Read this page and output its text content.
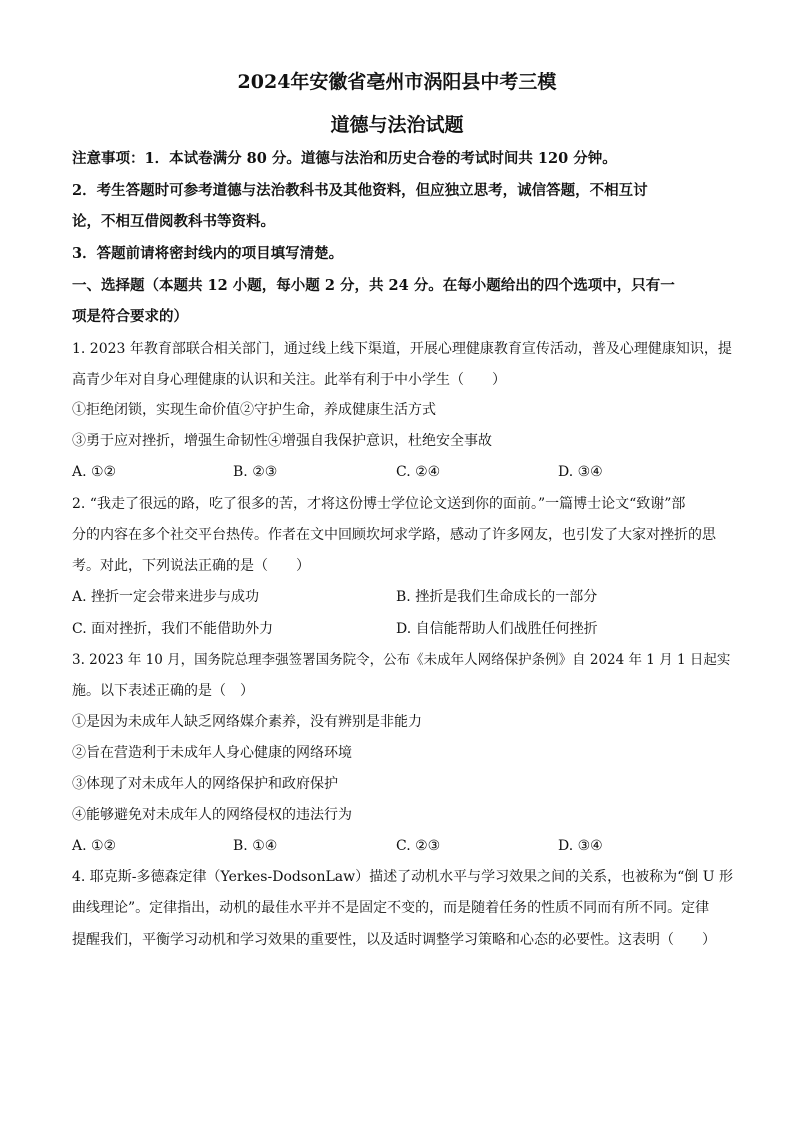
2024年安徽省亳州市涡阳县中考三模
道德与法治试题
注意事项：1．本试卷满分 80 分。道德与法治和历史合卷的考试时间共 120 分钟。
2．考生答题时可参考道德与法治教科书及其他资料，但应独立思考，诚信答题，不相互讨
论，不相互借阅教科书等资料。
3．答题前请将密封线内的项目填写清楚。
一、选择题（本题共 12 小题，每小题 2 分，共 24 分。在每小题给出的四个选项中，只有一
项是符合要求的）
1. 2023 年教育部联合相关部门，通过线上线下渠道，开展心理健康教育宣传活动，普及心理健康知识，提
高青少年对自身心理健康的认识和关注。此举有利于中小学生（　　）
①拒绝闭锁，实现生命价值②守护生命，养成健康生活方式
③勇于应对挫折，增强生命韧性④增强自我保护意识，杜绝安全事故
A. ①②	B. ②③	C. ②④	D. ③④
2. “我走了很远的路，吃了很多的苦，才将这份博士学位论文送到你的面前。”一篇博士论文“致谢”部
分的内容在多个社交平台热传。作者在文中回顾坎坷求学路，感动了许多网友，也引发了大家对挫折的思
考。对此，下列说法正确的是（　　）
A. 挫折一定会带来进步与成功	B. 挫折是我们生命成长的一部分
C. 面对挫折，我们不能借助外力	D. 自信能帮助人们战胜任何挫折
3. 2023 年 10 月，国务院总理李强签署国务院令，公布《未成年人网络保护条例》自 2024 年 1 月 1 日起实
施。以下表述正确的是（　）
①是因为未成年人缺乏网络媒介素养，没有辨别是非能力
②旨在营造利于未成年人身心健康的网络环境
③体现了对未成年人的网络保护和政府保护
④能够避免对未成年人的网络侵权的违法行为
A. ①②	B. ①④	C. ②③	D. ③④
4. 耶克斯-多德森定律（Yerkes-DodsonLaw）描述了动机水平与学习效果之间的关系，也被称为“倒 U 形
曲线理论”。定律指出，动机的最佳水平并不是固定不变的，而是随着任务的性质不同而有所不同。定律
提醒我们，平衡学习动机和学习效果的重要性，以及适时调整学习策略和心态的必要性。这表明（　　）
